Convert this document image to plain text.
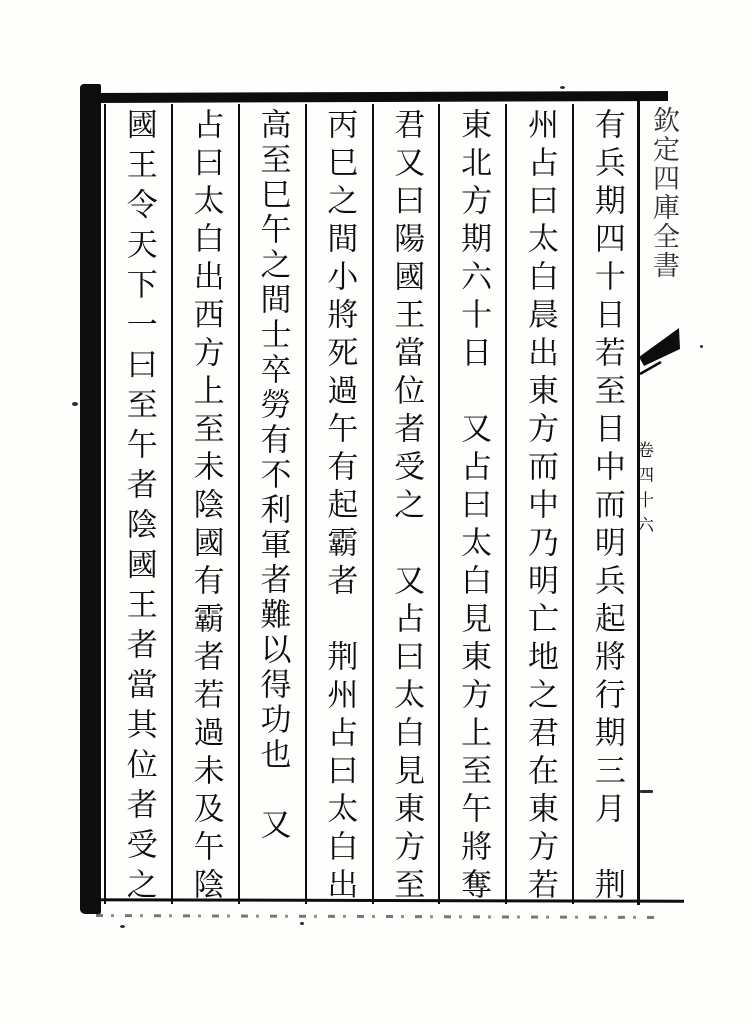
有兵期四十日若至日中而明兵起將行期三月　荆
州占曰太白晨出東方而中乃明亡地之君在東方若
東北方期六十日　又占曰太白見東方上至午將奪
君又曰陽國王當位者受之　又占曰太白見東方至
丙巳之間小將死過午有起霸者　荆州占曰太白出
高至巳午之間士卒勞有不利軍者難以得功也　又
占曰太白出西方上至未陰國有霸者若過未及午陰
國王令天下一曰至午者陰國王者當其位者受之	欽定四庫全書
卷四十六
